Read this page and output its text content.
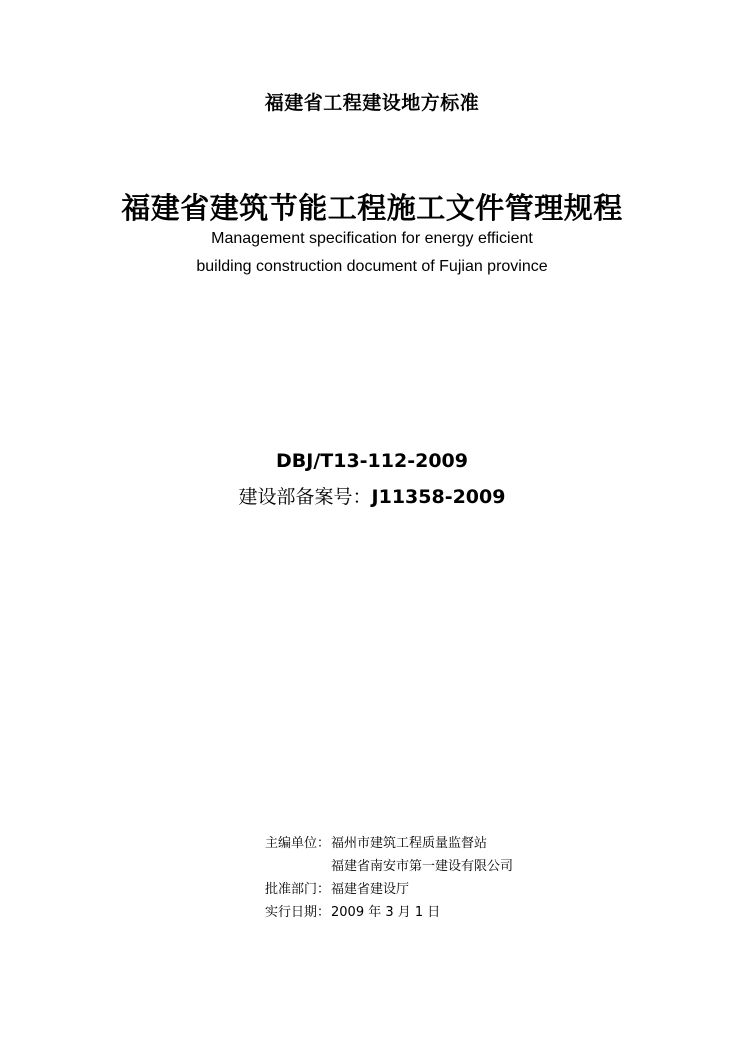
福建省工程建设地方标准
福建省建筑节能工程施工文件管理规程
Management specification for energy efficient
building construction document of Fujian province
DBJ/T13-112-2009
建设部备案号：J11358-2009
主编单位：福州市建筑工程质量监督站
福建省南安市第一建设有限公司
批准部门：福建省建设厅
实行日期：2009 年 3 月 1 日
